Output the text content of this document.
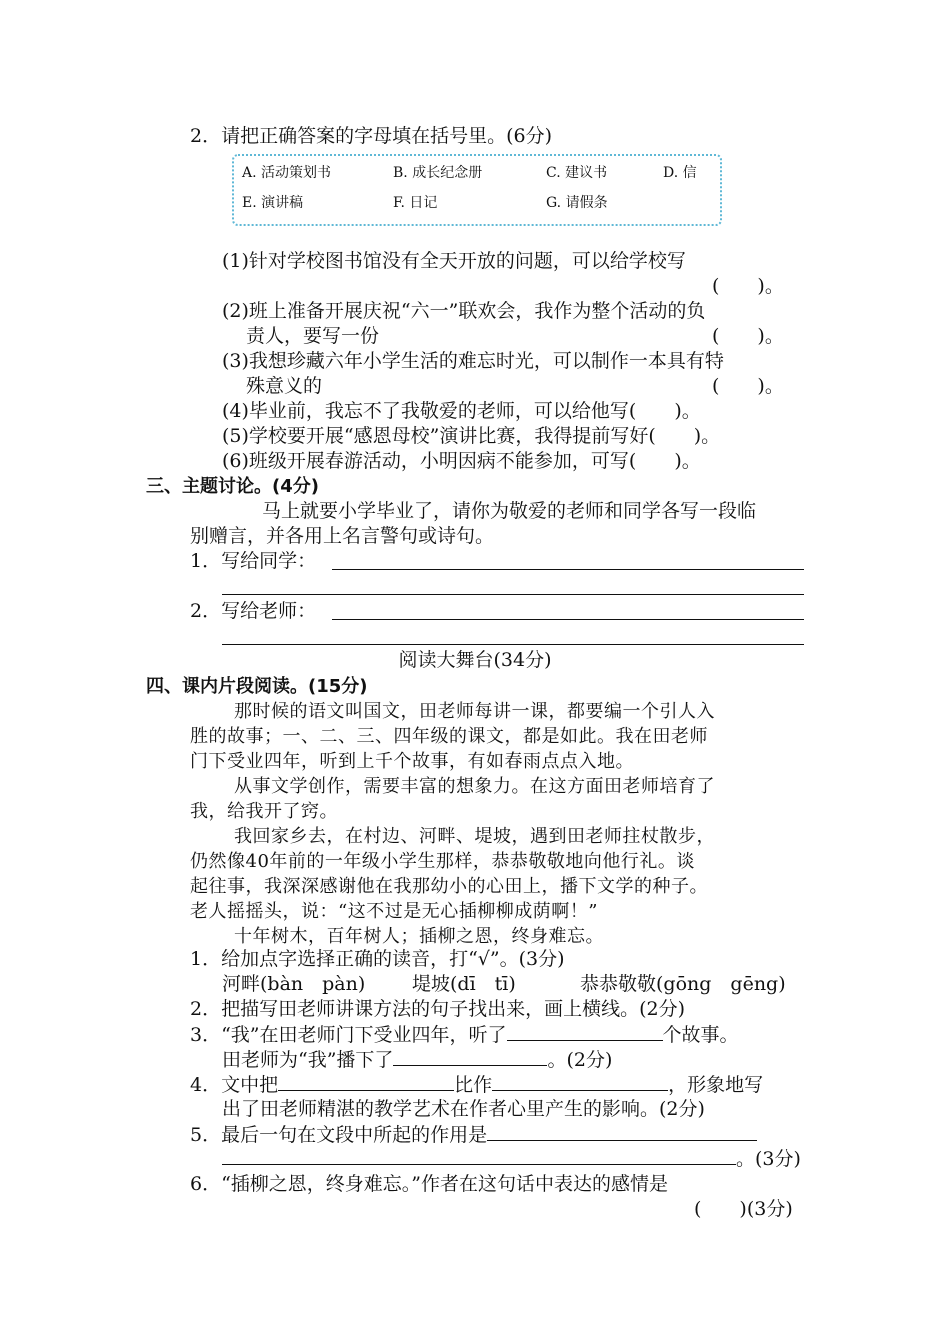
2．请把正确答案的字母填在括号里。(6分)
A. 活动策划书	B. 成长纪念册	C. 建议书	D. 信
E. 演讲稿	F. 日记	G. 请假条
(1)针对学校图书馆没有全天开放的问题，可以给学校写
(　　)。
(2)班上准备开展庆祝“六一”联欢会，我作为整个活动的负
责人，要写一份	(　　)。
(3)我想珍藏六年小学生活的难忘时光，可以制作一本具有特
殊意义的	(　　)。
(4)毕业前，我忘不了我敬爱的老师，可以给他写(　　)。
(5)学校要开展“感恩母校”演讲比赛，我得提前写好(　　)。
(6)班级开展春游活动，小明因病不能参加，可写(　　)。
三、主题讨论。(4分)
马上就要小学毕业了，请你为敬爱的老师和同学各写一段临
别赠言，并各用上名言警句或诗句。
1．写给同学：
2．写给老师：
阅读大舞台(34分)
四、课内片段阅读。(15分)
那时候的语文叫国文，田老师每讲一课，都要编一个引人入
胜的故事；一、二、三、四年级的课文，都是如此。我在田老师
门下受业四年，听到上千个故事，有如春雨点点入地。
从事文学创作，需要丰富的想象力。在这方面田老师培育了
我，给我开了窍。
我回家乡去，在村边、河畔、堤坡，遇到田老师拄杖散步，
仍然像40年前的一年级小学生那样，恭恭敬敬地向他行礼。谈
起往事，我深深感谢他在我那幼小的心田上，播下文学的种子。
老人摇摇头，说：“这不过是无心插柳柳成荫啊！”
十年树木，百年树人；插柳之恩，终身难忘。
1．给加点字选择正确的读音，打“√”。(3分)
河畔(bàn　pàn) 堤坡(dī　tī)	恭恭敬敬(gōng　gēng)
2．把描写田老师讲课方法的句子找出来，画上横线。(2分)
3．“我”在田老师门下受业四年，听了	个故事。
田老师为“我”播下了	。(2分)
4．文中把	比作	，形象地写
出了田老师精湛的教学艺术在作者心里产生的影响。(2分)
5．最后一句在文段中所起的作用是
。(3分)
6．“插柳之恩，终身难忘。”作者在这句话中表达的感情是
(　　)(3分)
